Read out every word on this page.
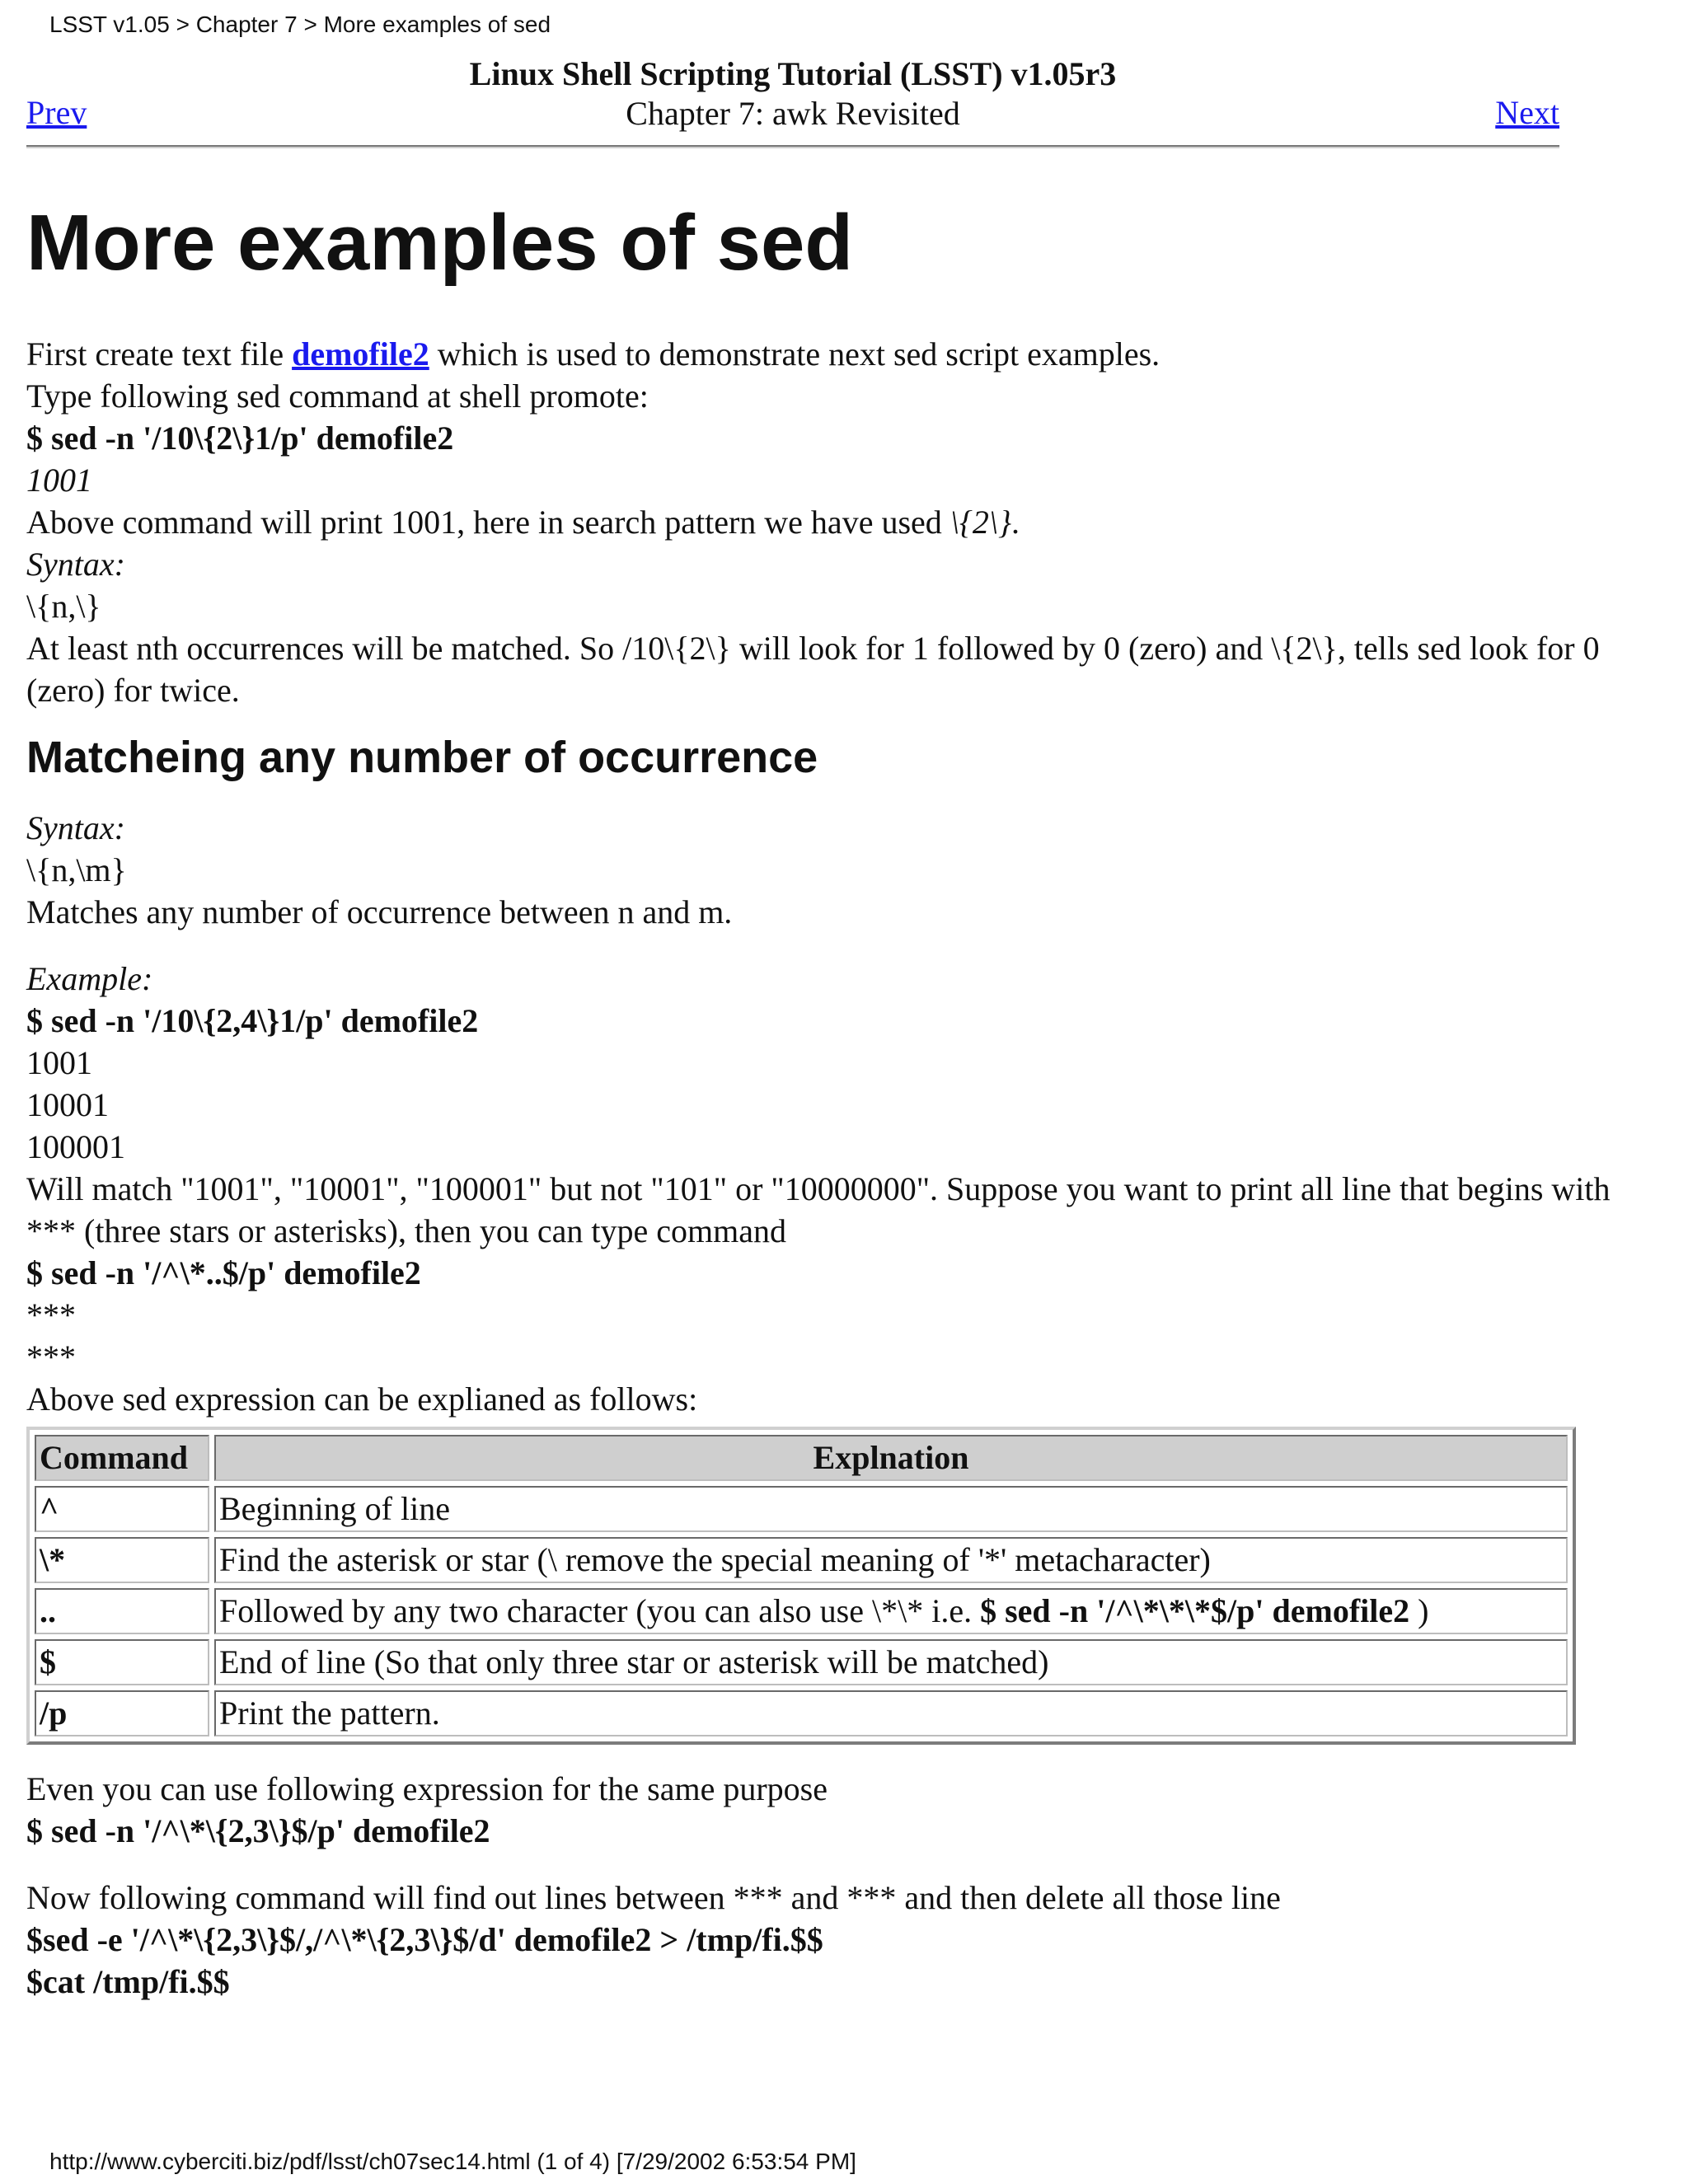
LSST v1.05 > Chapter 7 > More examples of sed
Linux Shell Scripting Tutorial (LSST) v1.05r3
Chapter 7: awk Revisited
Prev	Next
More examples of sed

First create text file demofile2 which is used to demonstrate next sed script examples.

Type following sed command at shell promote:

$ sed -n '/10\{2\}1/p' demofile2

1001

Above command will print 1001, here in search pattern we have used \{2\}.

Syntax:

\{n,\}

At least nth occurrences will be matched. So /10\{2\} will look for 1 followed by 0 (zero) and \{2\}, tells sed look for 0 (zero) for twice.

Matcheing any number of occurrence

Syntax:

\{n,\m}

Matches any number of occurrence between n and m.

Example:

$ sed -n '/10\{2,4\}1/p' demofile2

1001

10001

100001

Will match "1001", "10001", "100001" but not "101" or "10000000". Suppose you want to print all line that begins with *** (three stars or asterisks), then you can type command

$ sed -n '/^\*..$/p' demofile2

***

***

Above sed expression can be explianed as follows:

Command	Explnation
^	Beginning of line
\*	Find the asterisk or star (\ remove the special meaning of '*' metacharacter)
..	Followed by any two character (you can also use \*\* i.e. $ sed -n '/^\*\*\*$/p' demofile2 )
$	End of line (So that only three star or asterisk will be matched)
/p	Print the pattern.

Even you can use following expression for the same purpose

$ sed -n '/^\*\{2,3\}$/p' demofile2

Now following command will find out lines between *** and *** and then delete all those line

$sed -e '/^\*\{2,3\}$/,/^\*\{2,3\}$/d' demofile2 > /tmp/fi.$$

$cat /tmp/fi.$$

http://www.cyberciti.biz/pdf/lsst/ch07sec14.html (1 of 4) [7/29/2002 6:53:54 PM]
